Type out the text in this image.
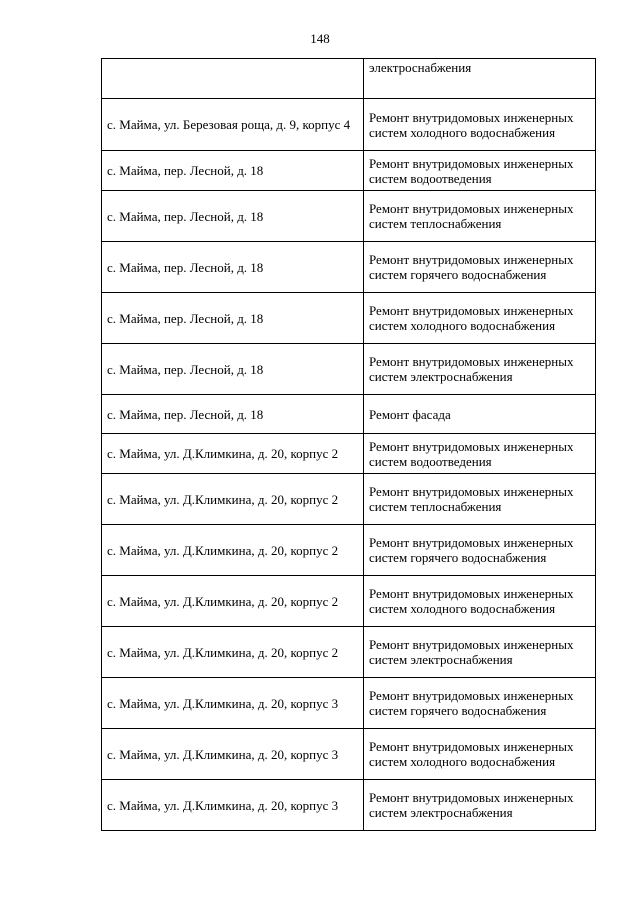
148
	электроснабжения
с. Майма, ул. Березовая роща, д. 9, корпус 4	Ремонт внутридомовых инженерных систем холодного водоснабжения
с. Майма, пер. Лесной, д. 18	Ремонт внутридомовых инженерных систем водоотведения
с. Майма, пер. Лесной, д. 18	Ремонт внутридомовых инженерных систем теплоснабжения
с. Майма, пер. Лесной, д. 18	Ремонт внутридомовых инженерных систем горячего водоснабжения
с. Майма, пер. Лесной, д. 18	Ремонт внутридомовых инженерных систем холодного водоснабжения
с. Майма, пер. Лесной, д. 18	Ремонт внутридомовых инженерных систем электроснабжения
с. Майма, пер. Лесной, д. 18	Ремонт фасада
с. Майма, ул. Д.Климкина, д. 20, корпус 2	Ремонт внутридомовых инженерных систем водоотведения
с. Майма, ул. Д.Климкина, д. 20, корпус 2	Ремонт внутридомовых инженерных систем теплоснабжения
с. Майма, ул. Д.Климкина, д. 20, корпус 2	Ремонт внутридомовых инженерных систем горячего водоснабжения
с. Майма, ул. Д.Климкина, д. 20, корпус 2	Ремонт внутридомовых инженерных систем холодного водоснабжения
с. Майма, ул. Д.Климкина, д. 20, корпус 2	Ремонт внутридомовых инженерных систем электроснабжения
с. Майма, ул. Д.Климкина, д. 20, корпус 3	Ремонт внутридомовых инженерных систем горячего водоснабжения
с. Майма, ул. Д.Климкина, д. 20, корпус 3	Ремонт внутридомовых инженерных систем холодного водоснабжения
с. Майма, ул. Д.Климкина, д. 20, корпус 3	Ремонт внутридомовых инженерных систем электроснабжения
